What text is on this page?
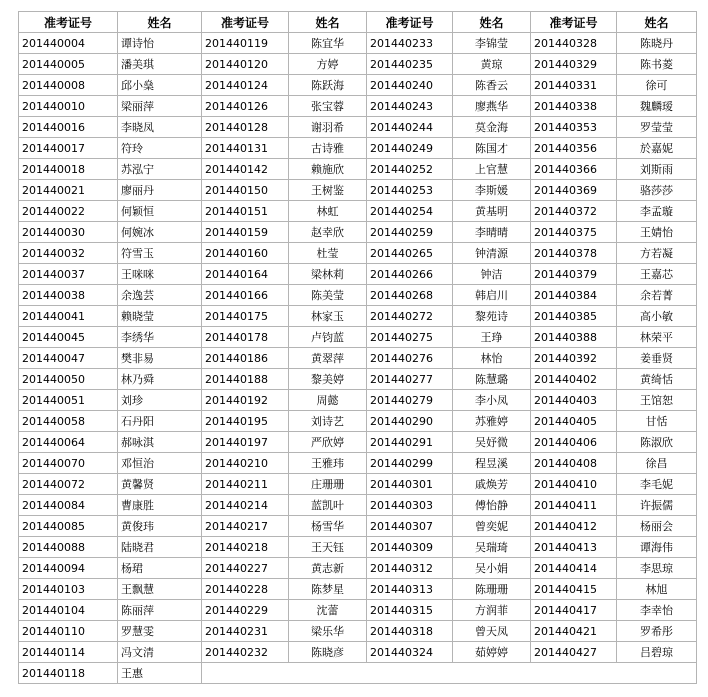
准考证号	姓名	准考证号	姓名	准考证号	姓名	准考证号	姓名
201440004	谭诗怡	201440119	陈宜华	201440233	李锦莹	201440328	陈晓丹
201440005	潘美琪	201440120	方婷	201440235	黄琼	201440329	陈书菱
201440008	邱小燊	201440124	陈跃海	201440240	陈香云	201440331	徐可
201440010	梁丽萍	201440126	张宝蓉	201440243	廖燕华	201440338	魏麟瑷
201440016	李晓凤	201440128	谢羽希	201440244	莫金海	201440353	罗莹莹
201440017	符玲	201440131	古诗雅	201440249	陈国才	201440356	於嘉妮
201440018	苏泓宁	201440142	赖施欣	201440252	上官慧	201440366	刘斯雨
201440021	廖丽丹	201440150	王树鉴	201440253	李斯媛	201440369	骆莎莎
201440022	何颖恒	201440151	林虹	201440254	黄基明	201440372	李孟璇
201440030	何婉冰	201440159	赵幸欣	201440259	李晴晴	201440375	王婧怡
201440032	符雪玉	201440160	杜莹	201440265	钟清源	201440378	方若凝
201440037	王咪咪	201440164	梁林莉	201440266	钟洁	201440379	王嘉芯
201440038	余逸芸	201440166	陈美莹	201440268	韩启川	201440384	余若菁
201440041	赖晓莹	201440175	林家玉	201440272	黎苑诗	201440385	高小敏
201440045	李绣华	201440178	卢钧蓝	201440275	王琤	201440388	林荣平
201440047	樊非易	201440186	黄翠萍	201440276	林怡	201440392	姜垂贤
201440050	林乃舜	201440188	黎美婷	201440277	陈慧璐	201440402	黄绮恬
201440051	刘珍	201440192	周懿	201440279	李小凤	201440403	王馆恕
201440058	石丹阳	201440195	刘诗艺	201440290	苏雅婷	201440405	甘恬
201440064	郝咏淇	201440197	严欣婷	201440291	吴妤微	201440406	陈淑欣
201440070	邓恒治	201440210	王雅玮	201440299	程昱溪	201440408	徐昌
201440072	黄馨贤	201440211	庄珊珊	201440301	戚焕芳	201440410	李毛妮
201440084	曹康胜	201440214	蓝凯叶	201440303	傅怡静	201440411	许振儒
201440085	黄俊玮	201440217	杨雪华	201440307	曾奕妮	201440412	杨丽会
201440088	陆晓君	201440218	王天钰	201440309	吴瑞琦	201440413	谭海伟
201440094	杨珺	201440227	黄志新	201440312	吴小娟	201440414	李思琼
201440103	王飘慧	201440228	陈梦星	201440313	陈珊珊	201440415	林旭
201440104	陈丽萍	201440229	沈蕾	201440315	方润菲	201440417	李幸怡
201440110	罗慧雯	201440231	梁乐华	201440318	曾天凤	201440421	罗希彤
201440114	冯文清	201440232	陈晓彦	201440324	茹婷婷	201440427	吕碧琼
201440118	王惠						
